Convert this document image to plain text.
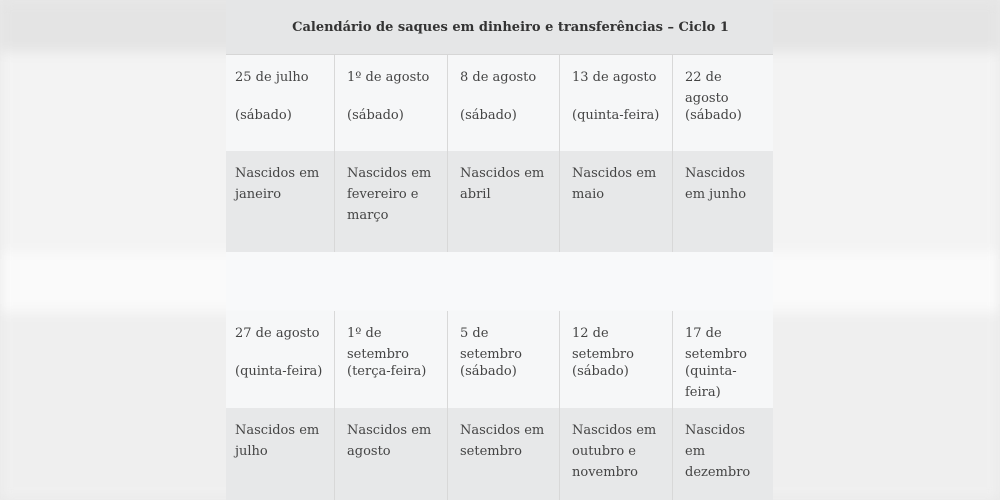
Calendário de saques em dinheiro e transferências – Ciclo 1
25 de julho
(sábado)
1º de agosto
(sábado)
8 de agosto
(sábado)
13 de agosto
(quinta-feira)
22 de agosto
(sábado)
Nascidos em janeiro
Nascidos em fevereiro e março
Nascidos em abril
Nascidos em maio
Nascidos em junho
27 de agosto
(quinta-feira)
1º de setembro
(terça-feira)
5 de setembro
(sábado)
12 de setembro
(sábado)
17 de setembro
(quinta-feira)
Nascidos em julho
Nascidos em agosto
Nascidos em setembro
Nascidos em outubro e novembro
Nascidos em dezembro
